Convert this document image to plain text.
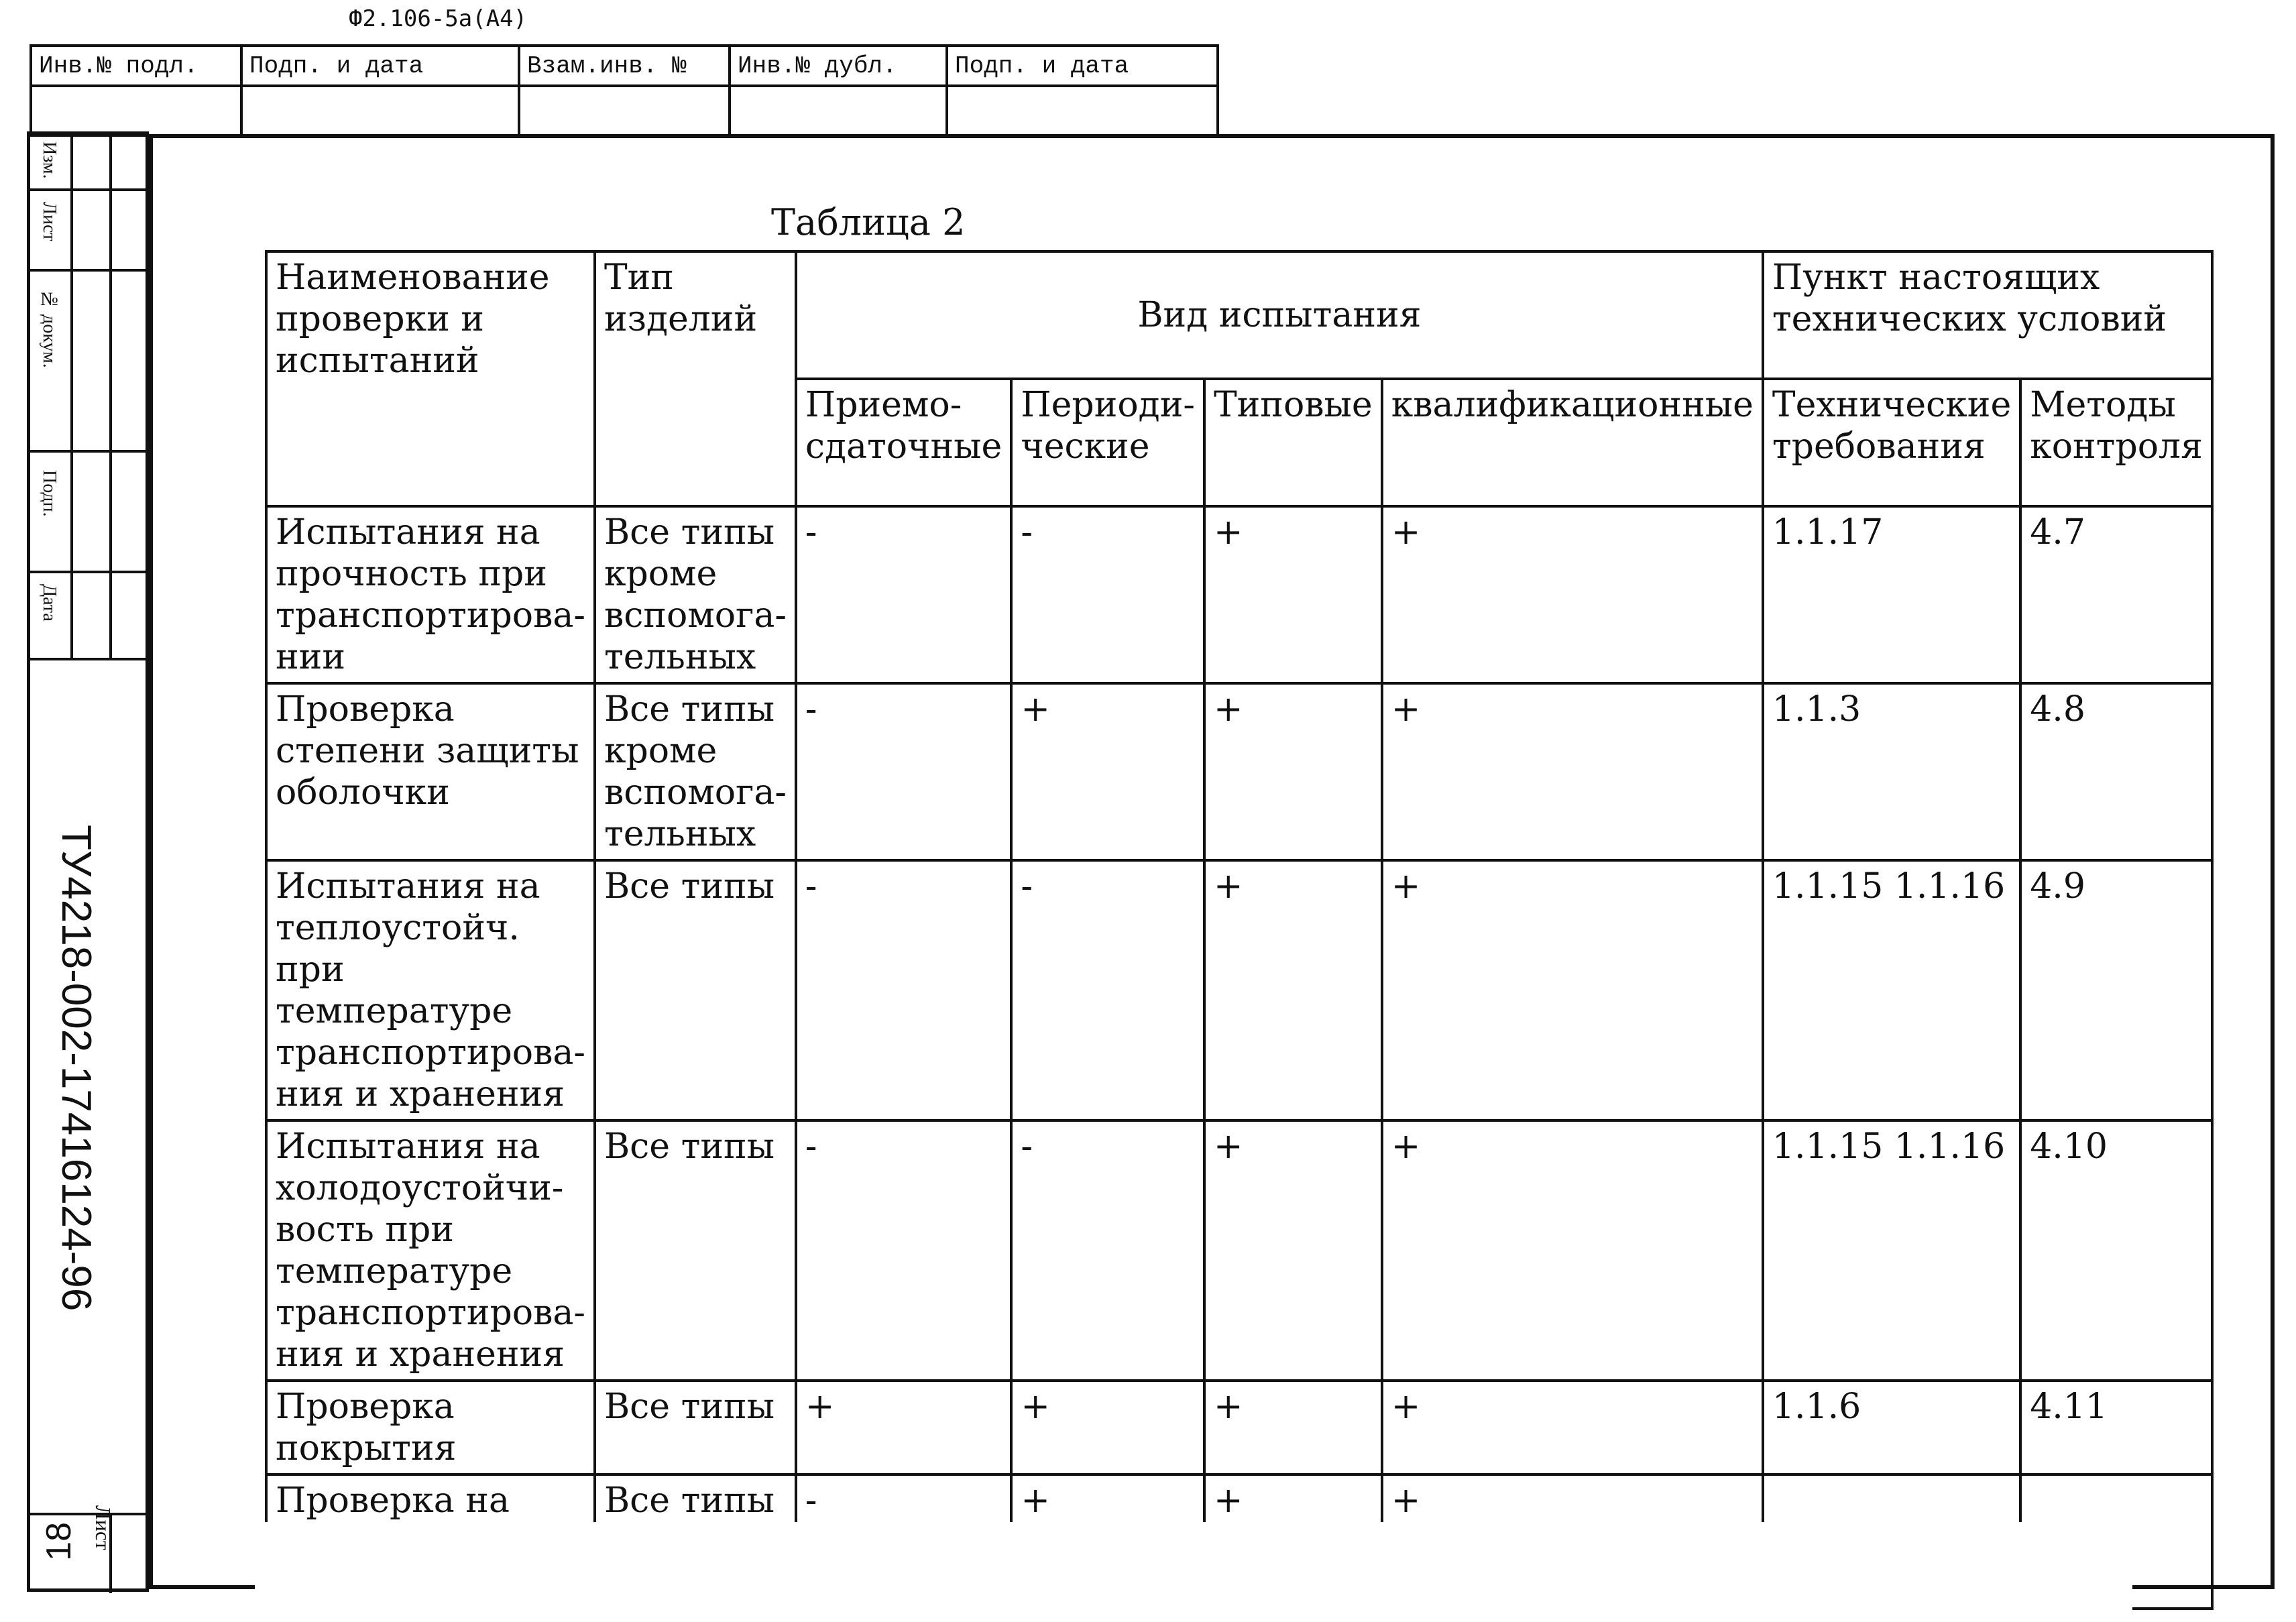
Ф2.106-5а(А4)
Инв.№ подл.	Подп. и дата	Взам.инв. №	Инв.№ дубл.	Подп. и дата

Изм.
Лист
№ докум.
Подп.
Дата
ТУ4218-002-17416124-96
Лист
18
Таблица 2
Наименование проверки и испытаний	Тип изделий	Вид испытания				Пункт настоящих технических условий	
		Приемо-сдаточные	Периоди-ческие	Типовые	квалификационные	Технические требования	Методы контроля
Испытания на прочность при транспортирова-нии	Все типы кроме вспомога-тельных	-	-	+	+	1.1.17	4.7
Проверка степени защиты оболочки	Все типы кроме вспомога-тельных	-	+	+	+	1.1.3	4.8
Испытания на теплоустойч. при температуре транспортирова-ния и хранения	Все типы	-	-	+	+	1.1.15 1.1.16	4.9
Испытания на холодоустойчи-вость при температуре транспортирова-ния и хранения	Все типы	-	-	+	+	1.1.15 1.1.16	4.10
Проверка покрытия	Все типы	+	+	+	+	1.1.6	4.11
Проверка на	Все типы	-	+	+	+		
